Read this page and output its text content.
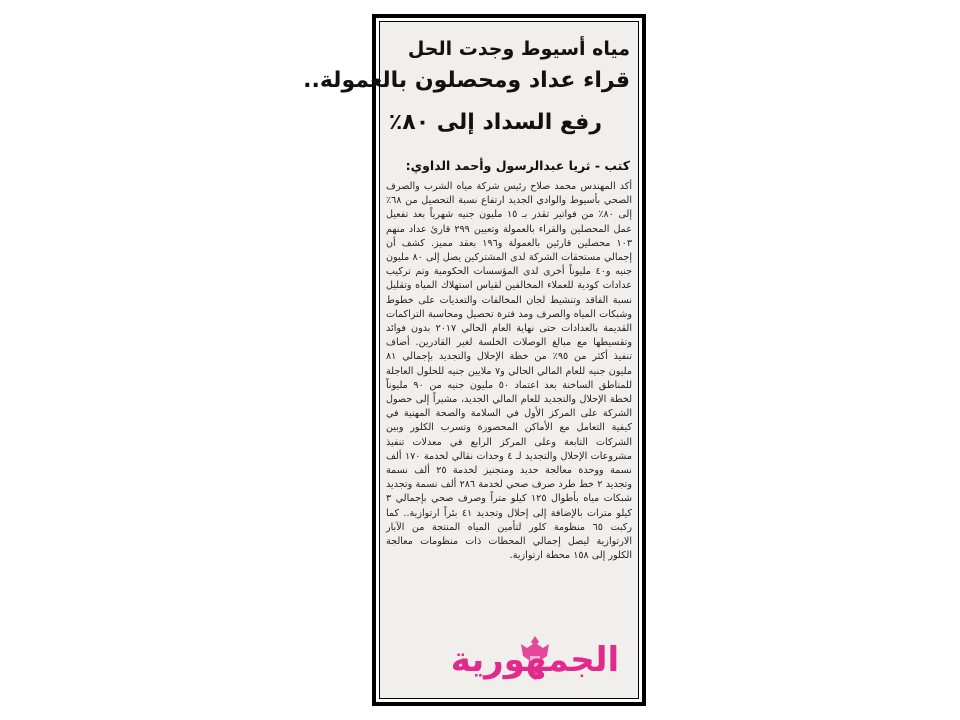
مياه أسيوط وجدت الحل
قراء عداد ومحصلون بالعمولة..
رفع السداد إلى ٨٠٪
كتب - ثريا عبدالرسول وأحمد الداوي:

أكد المهندس محمد صلاح رئيس شركة مياه الشرب والصرف الصحي بأسيوط والوادي الجديد ارتفاع نسبة التحصيل من ٦٨٪ إلى ٨٠٪ من فواتير تقدر بـ ١٥ مليون جنيه شهرياً بعد تفعيل عمل المحصلين والقراء بالعمولة وتعيين ٢٩٩ قارئ عداد منهم ١٠٣ محصلين قارئين بالعمولة و١٩٦ بعقد مميز. كشف أن إجمالي مستحقات الشركة لدى المشتركين يصل إلى ٨٠ مليون جنيه و٤٠ مليوناً أخرى لدى المؤسسات الحكومية وتم تركيب عدادات كودية للعملاء المخالفين لقياس استهلاك المياه وتقليل نسبة الفاقد وتنشيط لجان المخالفات والتعديات على خطوط وشبكات المياه والصرف ومد فترة تحصيل ومحاسبة التراكمات القديمة بالعدادات حتى نهاية العام الحالي ٢٠١٧ بدون فوائد وتقسيطها مع مبالغ الوصلات الخلسة لغير القادرين. أضاف تنفيذ أكثر من ٩٥٪ من خطة الإحلال والتجديد بإجمالي ٨١ مليون جنيه للعام المالي الحالي و٧ ملايين جنيه للحلول العاجلة للمناطق الساخنة بعد اعتماد ٥٠ مليون جنيه من ٩٠ مليوناً لخطة الإحلال والتجديد للعام المالي الجديد، مشيراً إلى حصول الشركة على المركز الأول في السلامة والصحة المهنية في كيفية التعامل مع الأماكن المحصورة وتسرب الكلور وبين الشركات التابعة وعلى المركز الرابع في معدلات تنفيذ مشروعات الإحلال والتجديد لـ ٤ وحدات نقالي لخدمة ١٧٠ ألف نسمة ووحدة معالجة حديد ومنجنيز لخدمة ٢٥ ألف نسمة وتجديد ٢ خط طرد صرف صحي لخدمة ٢٨٦ ألف نسمة وتجديد شبكات مياه بأطوال ١٢٥ كيلو متراً وصرف صحي بإجمالي ٣ كيلو مترات بالإضافة إلى إحلال وتجديد ٤١ بئراً ارتوازية.. كما ركبت ٦٥ منظومة كلور لتأمين المياه المنتجة من الآبار الارتوازية ليصل إجمالي المحطات ذات منظومات معالجة الكلور إلى ١٥٨ محطة ارتوازية.

الجمهورية
